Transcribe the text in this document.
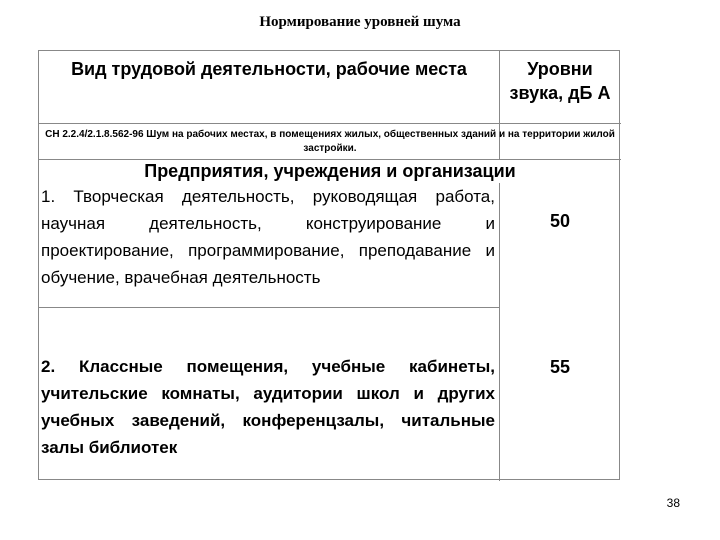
Нормирование уровней шума
Вид трудовой деятельности, рабочие места	Уровни звука, дБ А
СН 2.2.4/2.1.8.562-96 Шум на рабочих местах, в помещениях жилых, общественных зданий и на территории жилой застройки.
Предприятия, учреждения и организации
1. Творческая деятельность, руководящая работа, научная деятельность, конструирование и проектирование, программирование, преподавание и обучение, врачебная деятельность
50
2. Классные помещения, учебные кабинеты, учительские комнаты, аудитории школ и других учебных заведений, конференцзалы, читальные залы библиотек
55
38
